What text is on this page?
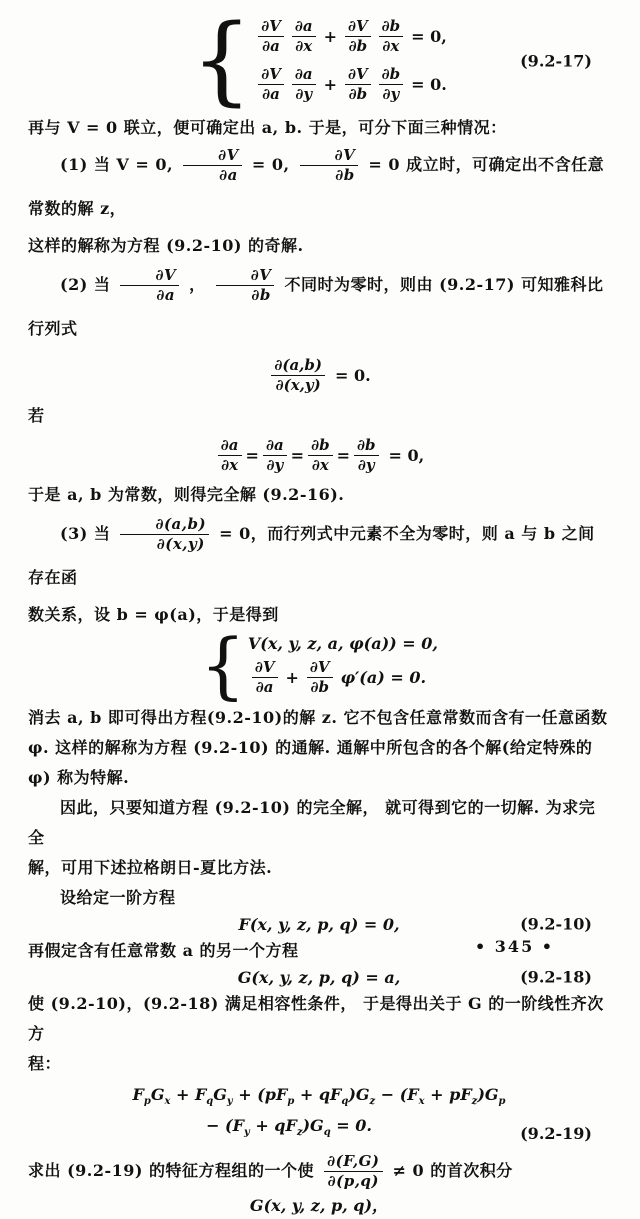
{ $\frac{\partial V}{\partial a} \frac{\partial a}{\partial x} + \frac{\partial V}{\partial b} \frac{\partial b}{\partial x} = 0$,
$\frac{\partial V}{\partial a} \frac{\partial a}{\partial y} + \frac{\partial V}{\partial b} \frac{\partial b}{\partial y} = 0$.
(9.2-17)

再与 V = 0 联立，便可确定出 a, b. 于是，可分下面三种情况：

(1) 当 V = 0, $\frac{\partial V}{\partial a} = 0$, $\frac{\partial V}{\partial b} = 0$ 成立时，可确定出不含任意常数的解 z，

这样的解称为方程 (9.2-10) 的奇解.

(2) 当 $\frac{\partial V}{\partial a}$ ， $\frac{\partial V}{\partial b}$ 不同时为零时，则由 (9.2-17) 可知雅科比行列式

$\frac{\partial(a,b)}{\partial(x,y)} = 0$.

若

$\frac{\partial a}{\partial x} = \frac{\partial a}{\partial y} = \frac{\partial b}{\partial x} = \frac{\partial b}{\partial y} = 0$,

于是 a, b 为常数，则得完全解 (9.2-16).

(3) 当 $\frac{\partial(a,b)}{\partial(x,y)} = 0$，而行列式中元素不全为零时，则 a 与 b 之间存在函

数关系，设 b = φ(a)，于是得到

{ V(x, y, z, a, φ(a)) = 0,
$\frac{\partial V}{\partial a} + \frac{\partial V}{\partial b} \varphi'(a) = 0$.

消去 a, b 即可得出方程(9.2-10)的解 z. 它不包含任意常数而含有一任意函数

φ. 这样的解称为方程 (9.2-10) 的通解. 通解中所包含的各个解(给定特殊的

φ) 称为特解.

因此，只要知道方程 (9.2-10) 的完全解， 就可得到它的一切解. 为求完全

解，可用下述拉格朗日-夏比方法.

设给定一阶方程

F(x, y, z, p, q) = 0,	(9.2-10)

再假定含有任意常数 a 的另一个方程

G(x, y, z, p, q) = a,	(9.2-18)

使 (9.2-10)，(9.2-18) 满足相容性条件， 于是得出关于 G 的一阶线性齐次方

程：

$F_pG_x + F_qG_y + (pF_p + qF_q)G_z - (F_x + pF_z)G_p$
− $(F_y + qF_z)G_q = 0$.	(9.2-19)

求出 (9.2-19) 的特征方程组的一个使 $\frac{\partial(F,G)}{\partial(p,q)} \ne 0$ 的首次积分

G(x, y, z, p, q)，
• 345 •
